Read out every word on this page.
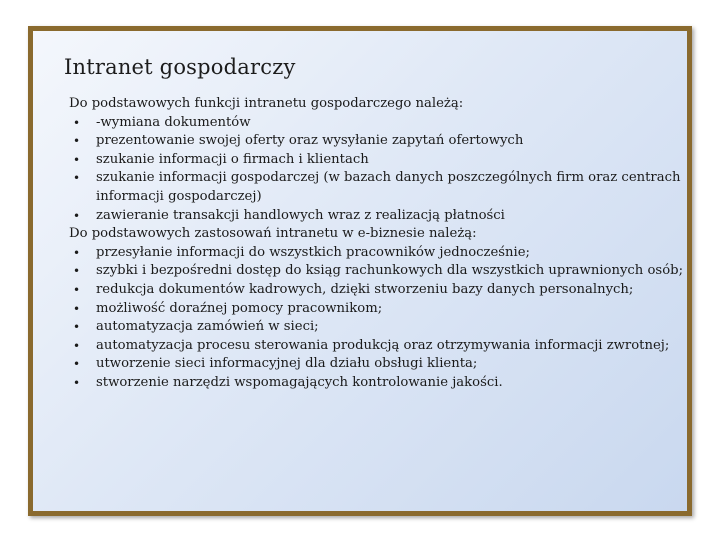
Intranet gospodarczy

Do podstawowych funkcji intranetu gospodarczego należą:

• -wymiana dokumentów
• prezentowanie swojej oferty oraz wysyłanie zapytań ofertowych
• szukanie informacji o firmach i klientach
• szukanie informacji gospodarczej (w bazach danych poszczególnych firm oraz centrach informacji gospodarczej)
• zawieranie transakcji handlowych wraz z realizacją płatności

Do podstawowych zastosowań intranetu w e-biznesie należą:

• przesyłanie informacji do wszystkich pracowników jednocześnie;
• szybki i bezpośredni dostęp do ksiąg rachunkowych dla wszystkich uprawnionych osób;
• redukcja dokumentów kadrowych, dzięki stworzeniu bazy danych personalnych;
• możliwość doraźnej pomocy pracownikom;
• automatyzacja zamówień w sieci;
• automatyzacja procesu sterowania produkcją oraz otrzymywania informacji zwrotnej;
• utworzenie sieci informacyjnej dla działu obsługi klienta;
• stworzenie narzędzi wspomagających kontrolowanie jakości.
